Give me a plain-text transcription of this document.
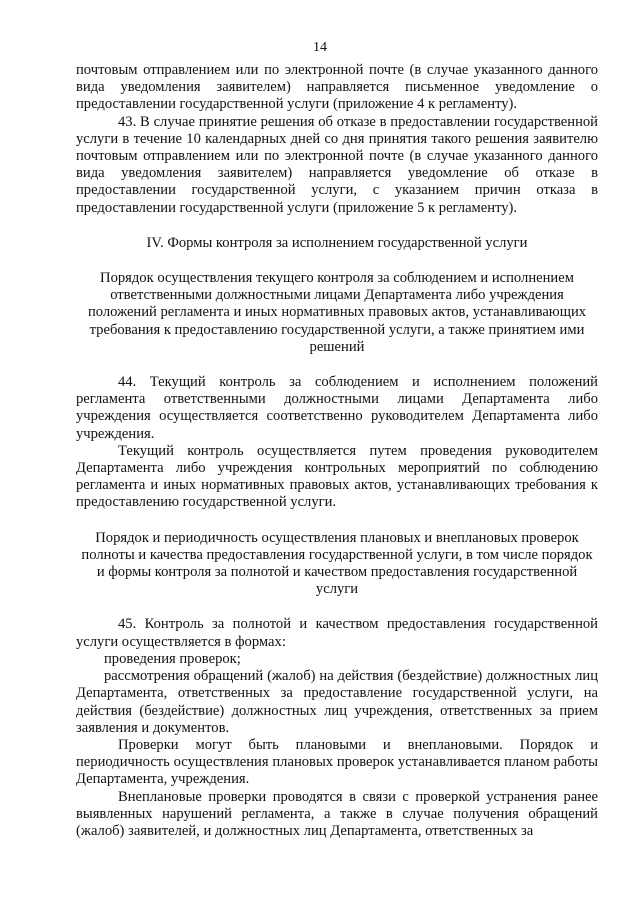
14

почтовым отправлением или по электронной почте (в случае указанного данного вида уведомления заявителем) направляется письменное уведомление о предоставлении государственной услуги (приложение 4 к регламенту).

43. В случае принятие решения об отказе в предоставлении государственной услуги в течение 10 календарных дней со дня принятия такого решения заявителю почтовым отправлением или по электронной почте (в случае указанного данного вида уведомления заявителем) направляется уведомление об отказе в предоставлении государственной услуги, с указанием причин отказа в предоставлении государственной услуги (приложение 5 к регламенту).

IV. Формы контроля за исполнением государственной услуги
Порядок осуществления текущего контроля за соблюдением и исполнением ответственными должностными лицами Департамента либо учреждения положений регламента и иных нормативных правовых актов, устанавливающих требования к предоставлению государственной услуги, а также принятием ими решений

44. Текущий контроль за соблюдением и исполнением положений регламента ответственными должностными лицами Департамента либо учреждения осуществляется соответственно руководителем Департамента либо учреждения.

Текущий контроль осуществляется путем проведения руководителем Департамента либо учреждения контрольных мероприятий по соблюдению регламента и иных нормативных правовых актов, устанавливающих требования к предоставлению государственной услуги.

Порядок и периодичность осуществления плановых и внеплановых проверок полноты и качества предоставления государственной услуги, в том числе порядок и формы контроля за полнотой и качеством предоставления государственной услуги

45. Контроль за полнотой и качеством предоставления государственной услуги осуществляется в формах:

проведения проверок;

рассмотрения обращений (жалоб) на действия (бездействие) должностных лиц Департамента, ответственных за предоставление государственной услуги, на действия (бездействие) должностных лиц учреждения, ответственных за прием заявления и документов.

Проверки могут быть плановыми и внеплановыми. Порядок и периодичность осуществления плановых проверок устанавливается планом работы Департамента, учреждения.

Внеплановые проверки проводятся в связи с проверкой устранения ранее выявленных нарушений регламента, а также в случае получения обращений (жалоб) заявителей, и должностных лиц Департамента, ответственных за
